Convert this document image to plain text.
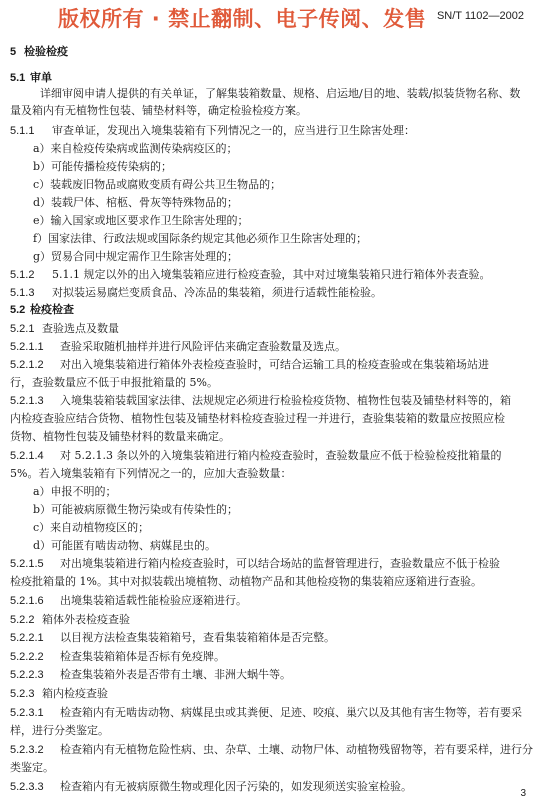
版权所有 · 禁止翻制、电子传阅、发售 SN/T 1102—2002
5 检验检疫
5.1 审单
详细审阅申请人提供的有关单证，了解集装箱数量、规格、启运地/目的地、装载/拟装货物名称、数
量及箱内有无植物性包装、铺垫材料等，确定检验检疫方案。
5.1.1 审查单证，发现出入境集装箱有下列情况之一的，应当进行卫生除害处理：
a）来自检疫传染病或监测传染病疫区的；
b）可能传播检疫传染病的；
c）装载废旧物品或腐败变质有碍公共卫生物品的；
d）装载尸体、棺柩、骨灰等特殊物品的；
e）输入国家或地区要求作卫生除害处理的；
f）国家法律、行政法规或国际条约规定其他必须作卫生除害处理的；
g）贸易合同中规定需作卫生除害处理的；
5.1.2 5.1.1 规定以外的出入境集装箱应进行检疫查验，其中对过境集装箱只进行箱体外表查验。
5.1.3 对拟装运易腐烂变质食品、冷冻品的集装箱，须进行适载性能检验。
5.2 检疫检查
5.2.1 查验选点及数量
5.2.1.1 查验采取随机抽样并进行风险评估来确定查验数量及选点。
5.2.1.2 对出入境集装箱进行箱体外表检疫查验时，可结合运输工具的检疫查验或在集装箱场站进
行，查验数量应不低于申报批箱量的 5%。
5.2.1.3 入境集装箱装载国家法律、法规规定必须进行检验检疫货物、植物性包装及铺垫材料等的，箱
内检疫查验应结合货物、植物性包装及铺垫材料检疫查验过程一并进行，查验集装箱的数量应按照应检
货物、植物性包装及铺垫材料的数量来确定。
5.2.1.4 对 5.2.1.3 条以外的入境集装箱进行箱内检疫查验时，查验数量应不低于检验检疫批箱量的
5%。若入境集装箱有下列情况之一的，应加大查验数量：
a）申报不明的；
b）可能被病原微生物污染或有传染性的；
c）来自动植物疫区的；
d）可能匿有啮齿动物、病媒昆虫的。
5.2.1.5 对出境集装箱进行箱内检疫查验时，可以结合场站的监督管理进行，查验数量应不低于检验
检疫批箱量的 1%。其中对拟装载出境植物、动植物产品和其他检疫物的集装箱应逐箱进行查验。
5.2.1.6 出境集装箱适载性能检验应逐箱进行。
5.2.2 箱体外表检疫查验
5.2.2.1 以目视方法检查集装箱箱号，查看集装箱箱体是否完整。
5.2.2.2 检查集装箱箱体是否标有免疫牌。
5.2.2.3 检查集装箱外表是否带有土壤、非洲大蜗牛等。
5.2.3 箱内检疫查验
5.2.3.1 检查箱内有无啮齿动物、病媒昆虫或其粪便、足迹、咬痕、巢穴以及其他有害生物等，若有要采
样，进行分类鉴定。
5.2.3.2 检查箱内有无植物危险性病、虫、杂草、土壤、动物尸体、动植物残留物等，若有要采样，进行分
类鉴定。
5.2.3.3 检查箱内有无被病原微生物或理化因子污染的，如发现须送实验室检验。
3
